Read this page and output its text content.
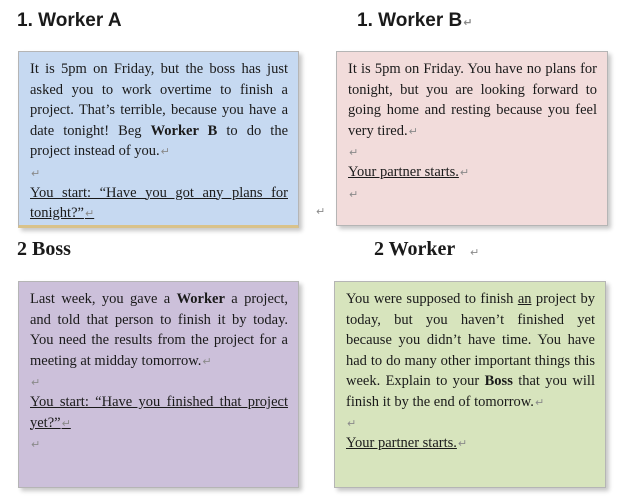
1. Worker A	1. Worker B↵
2 Boss	2 Worker ↵
↵

It is 5pm on Friday, but the boss has just asked you to work overtime to finish a project. That’s terrible, because you have a date tonight! Beg Worker B to do the project instead of you.↵

↵

You start: “Have you got any plans for tonight?”↵

It is 5pm on Friday. You have no plans for tonight, but you are looking forward to going home and resting because you feel very tired.↵

↵

Your partner starts.↵

↵

Last week, you gave a Worker a project, and told that person to finish it by today. You need the results from the project for a meeting at midday tomorrow.↵

↵

You start: “Have you finished that project yet?”↵

↵

You were supposed to finish an project by today, but you haven’t finished yet because you didn’t have time. You have had to do many other important things this week. Explain to your Boss that you will finish it by the end of tomorrow.↵

↵

Your partner starts.↵
